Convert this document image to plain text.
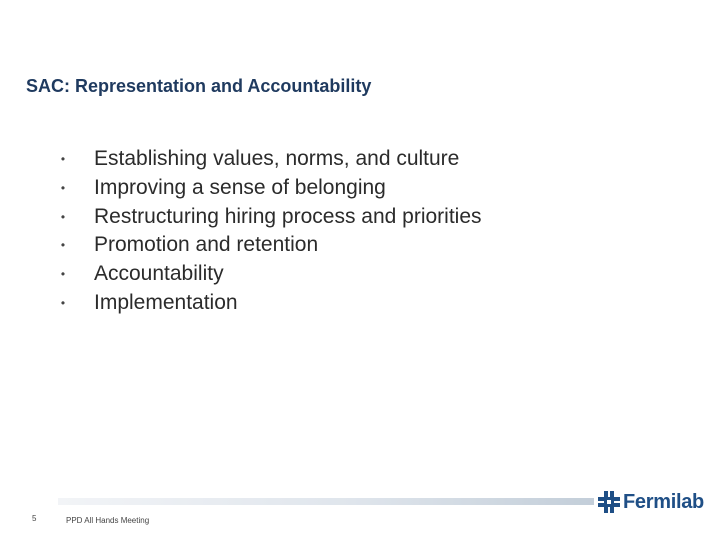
SAC: Representation and Accountability
• Establishing values, norms, and culture
• Improving a sense of belonging
• Restructuring hiring process and priorities
• Promotion and retention
• Accountability
• Implementation
5	PPD All Hands Meeting
Fermilab
